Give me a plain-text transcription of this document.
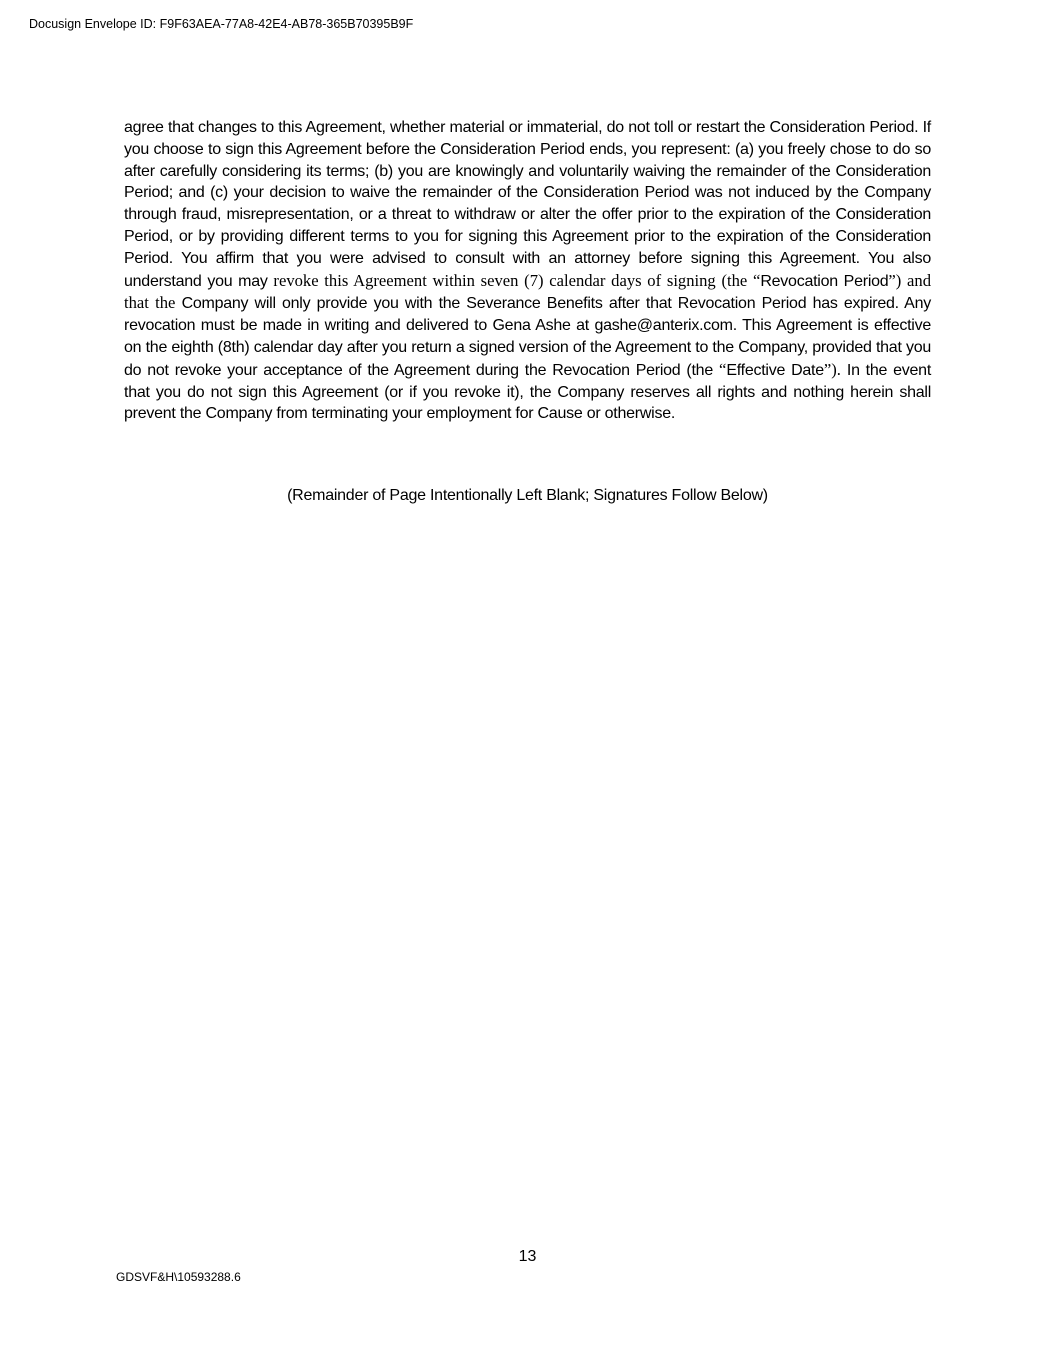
Docusign Envelope ID: F9F63AEA-77A8-42E4-AB78-365B70395B9F

agree that changes to this Agreement, whether material or immaterial, do not toll or restart the Consideration Period. If you choose to sign this Agreement before the Consideration Period ends, you represent: (a) you freely chose to do so after carefully considering its terms; (b) you are knowingly and voluntarily waiving the remainder of the Consideration Period; and (c) your decision to waive the remainder of the Consideration Period was not induced by the Company through fraud, misrepresentation, or a threat to withdraw or alter the offer prior to the expiration of the Consideration Period, or by providing different terms to you for signing this Agreement prior to the expiration of the Consideration Period. You affirm that you were advised to consult with an attorney before signing this Agreement. You also understand you may revoke this Agreement within seven (7) calendar days of signing (the “Revocation Period”) and that the Company will only provide you with the Severance Benefits after that Revocation Period has expired. Any revocation must be made in writing and delivered to Gena Ashe at gashe@anterix.com. This Agreement is effective on the eighth (8th) calendar day after you return a signed version of the Agreement to the Company, provided that you do not revoke your acceptance of the Agreement during the Revocation Period (the “Effective Date”). In the event that you do not sign this Agreement (or if you revoke it), the Company reserves all rights and nothing herein shall prevent the Company from terminating your employment for Cause or otherwise.

(Remainder of Page Intentionally Left Blank; Signatures Follow Below)
13
GDSVF&H\10593288.6
